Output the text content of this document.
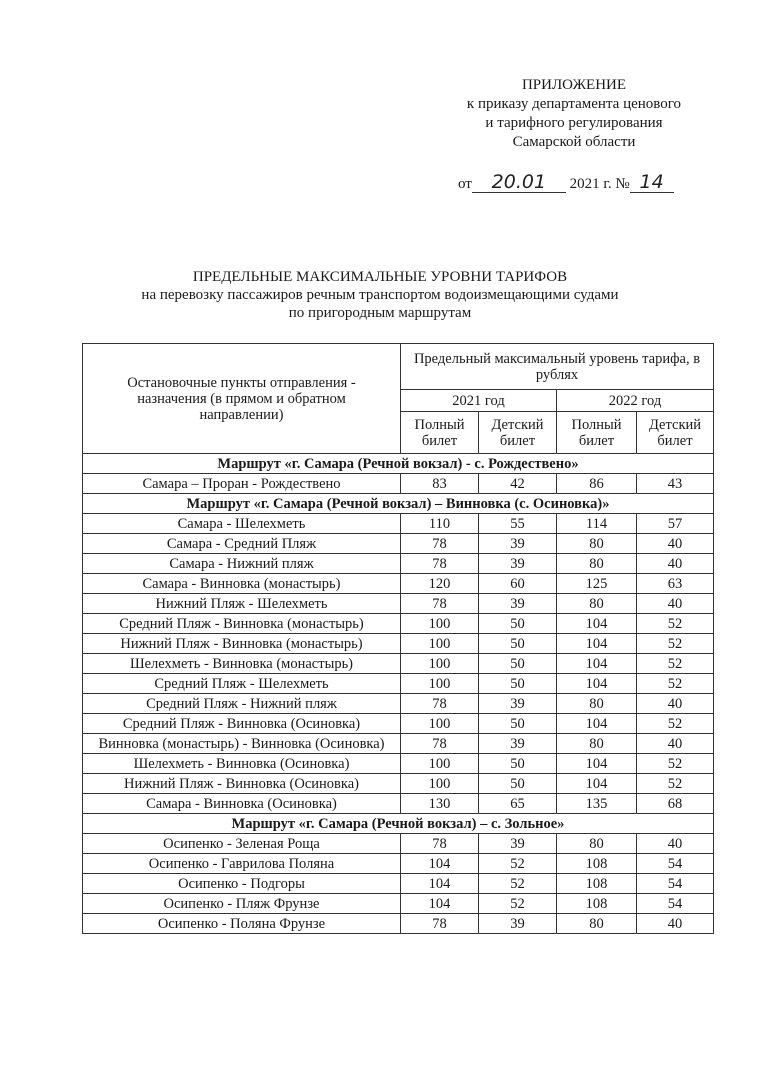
ПРИЛОЖЕНИЕ
к приказу департамента ценового
и тарифного регулирования
Самарской области
от 20.01 2021 г. № 14
ПРЕДЕЛЬНЫЕ МАКСИМАЛЬНЫЕ УРОВНИ ТАРИФОВ
на перевозку пассажиров речным транспортом водоизмещающими судами
по пригородным маршрутам
Остановочные пункты отправления - назначения (в прямом и обратном направлении)	Предельный максимальный уровень тарифа, в рублях			
	2021 год		2022 год	
	Полный билет	Детский билет	Полный билет	Детский билет
Маршрут «г. Самара (Речной вокзал) - с. Рождествено»				
Самара – Проран - Рождествено	83	42	86	43
Маршрут «г. Самара (Речной вокзал) – Винновка (с. Осиновка)»				
Самара - Шелехметь	110	55	114	57
Самара - Средний Пляж	78	39	80	40
Самара - Нижний пляж	78	39	80	40
Самара - Винновка (монастырь)	120	60	125	63
Нижний Пляж - Шелехметь	78	39	80	40
Средний Пляж - Винновка (монастырь)	100	50	104	52
Нижний Пляж - Винновка (монастырь)	100	50	104	52
Шелехметь - Винновка (монастырь)	100	50	104	52
Средний Пляж - Шелехметь	100	50	104	52
Средний Пляж - Нижний пляж	78	39	80	40
Средний Пляж - Винновка (Осиновка)	100	50	104	52
Винновка (монастырь) - Винновка (Осиновка)	78	39	80	40
Шелехметь - Винновка (Осиновка)	100	50	104	52
Нижний Пляж - Винновка (Осиновка)	100	50	104	52
Самара - Винновка (Осиновка)	130	65	135	68
Маршрут «г. Самара (Речной вокзал) – с. Зольное»				
Осипенко - Зеленая Роща	78	39	80	40
Осипенко - Гаврилова Поляна	104	52	108	54
Осипенко - Подгоры	104	52	108	54
Осипенко - Пляж Фрунзе	104	52	108	54
Осипенко - Поляна Фрунзе	78	39	80	40
